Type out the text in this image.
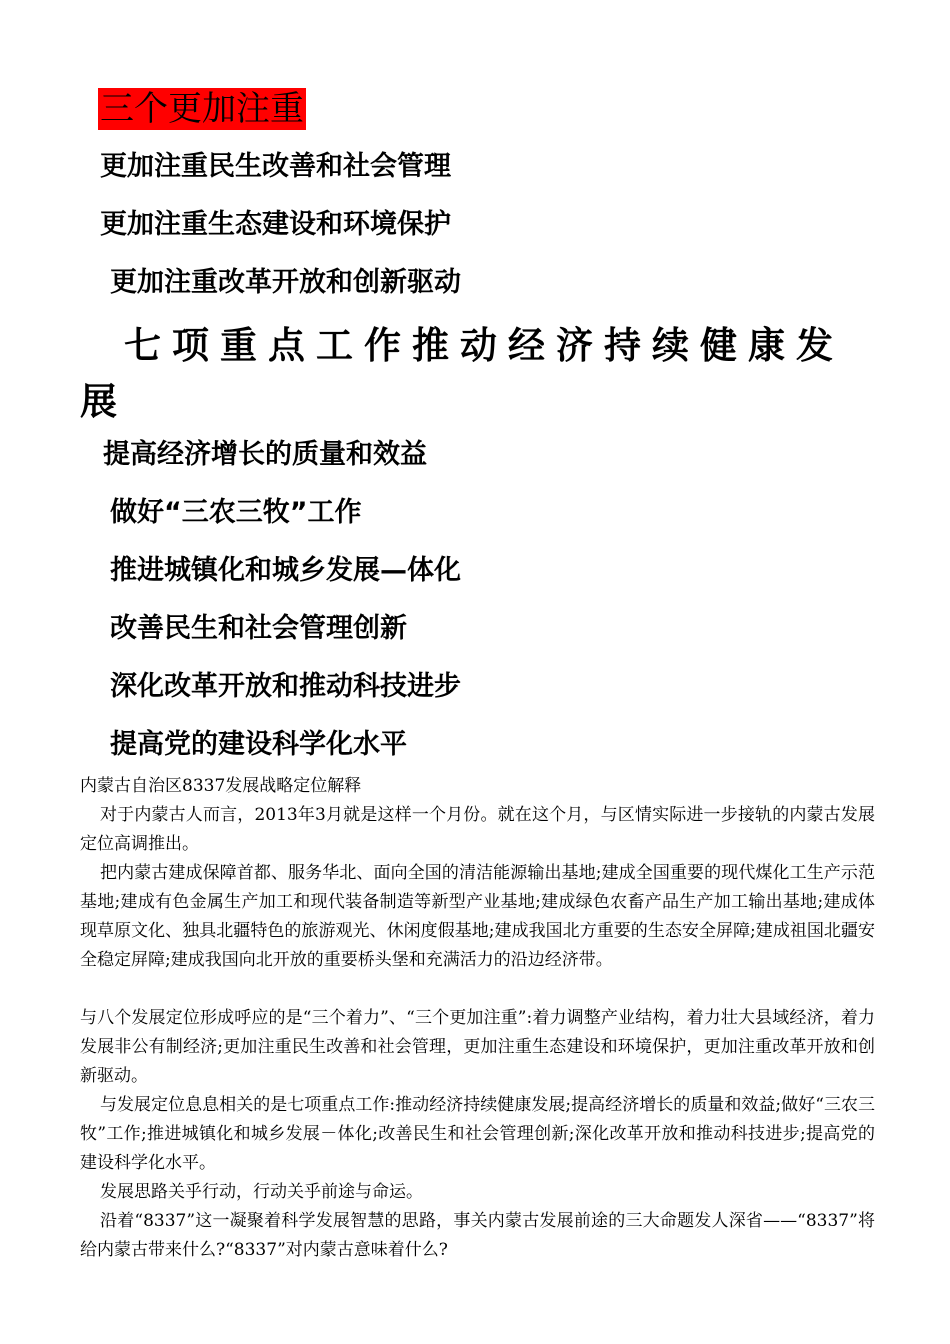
三个更加注重
更加注重民生改善和社会管理
更加注重生态建设和环境保护
更加注重改革开放和创新驱动
七项重点工作推动经济持续健康发展
提高经济增长的质量和效益
做好“三农三牧”工作
推进城镇化和城乡发展—体化
改善民生和社会管理创新
深化改革开放和推动科技进步
提高党的建设科学化水平
内蒙古自治区8337发展战略定位解释
对于内蒙古人而言，2013年3月就是这样一个月份。就在这个月，与区情实际进一步接轨的内蒙古发展定位高调推出。
把内蒙古建成保障首都、服务华北、面向全国的清洁能源输出基地;建成全国重要的现代煤化工生产示范基地;建成有色金属生产加工和现代装备制造等新型产业基地;建成绿色农畜产品生产加工输出基地;建成体现草原文化、独具北疆特色的旅游观光、休闲度假基地;建成我国北方重要的生态安全屏障;建成祖国北疆安全稳定屏障;建成我国向北开放的重要桥头堡和充满活力的沿边经济带。
与八个发展定位形成呼应的是“三个着力”、“三个更加注重”:着力调整产业结构，着力壮大县域经济，着力发展非公有制经济;更加注重民生改善和社会管理，更加注重生态建设和环境保护，更加注重改革开放和创新驱动。
与发展定位息息相关的是七项重点工作:推动经济持续健康发展;提高经济增长的质量和效益;做好“三农三牧”工作;推进城镇化和城乡发展－体化;改善民生和社会管理创新;深化改革开放和推动科技进步;提高党的建设科学化水平。
发展思路关乎行动，行动关乎前途与命运。
沿着“8337”这一凝聚着科学发展智慧的思路，事关内蒙古发展前途的三大命题发人深省——“8337”将给内蒙古带来什么?“8337”对内蒙古意味着什么?
